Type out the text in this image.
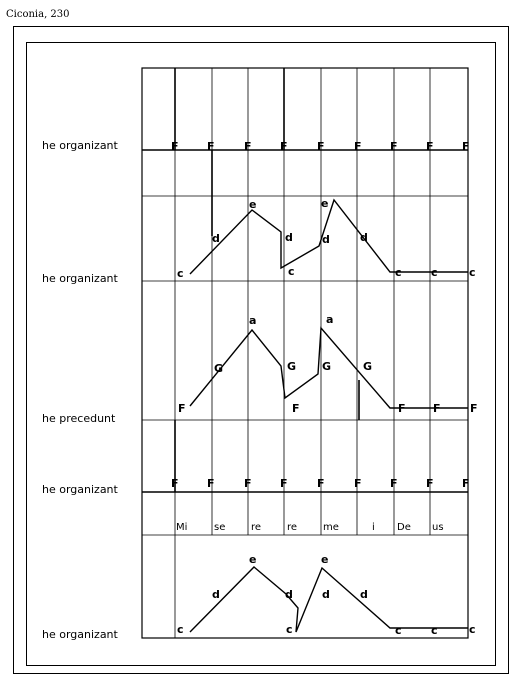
Ciconia, 230
he organizant
he organizant
he precedunt
he organizant
he organizant
F	F	F	F	F	F	F	F	F
c
d
e
d
c
d
e
d
c	c	c
F
G
a
G
F
G
a
G
F F	F
F	F	F	F	F	F	F	F	F
Mi	se	re	re	me	i De us
c
d
e
d
c
d
e
d
c	c	c
